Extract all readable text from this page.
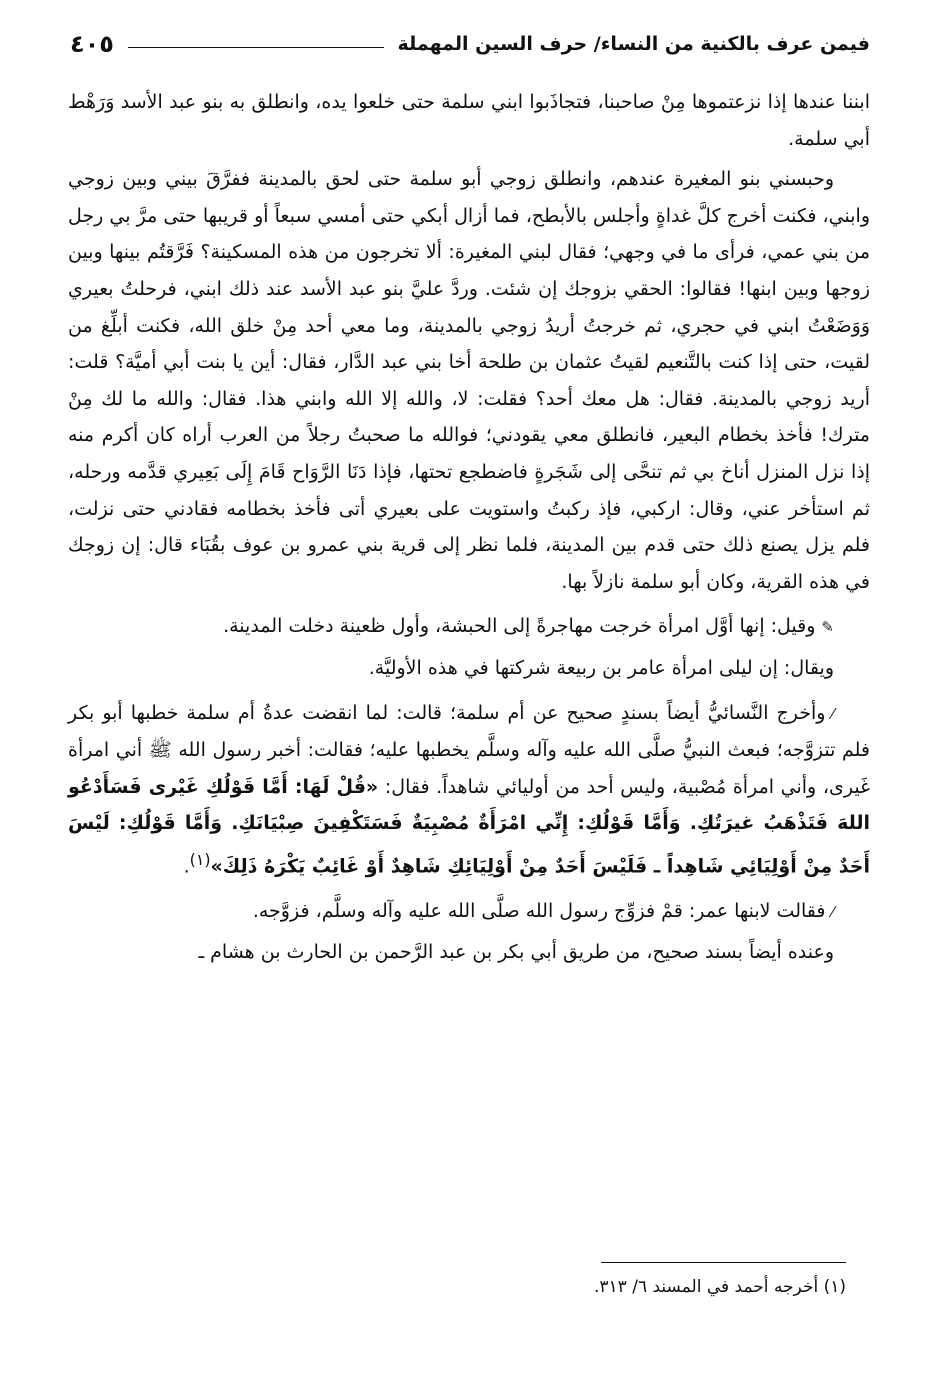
فيمن عرف بالكنية من النساء/ حرف السين المهملة
٤٠٥

ابننا عندها إذا نزعتموها مِنْ صاحبنا، فتجاذَبوا ابني سلمة حتى خلعوا يده، وانطلق به بنو عبد الأسد وَرَهْط أبي سلمة.

وحبسني بنو المغيرة عندهم، وانطلق زوجي أبو سلمة حتى لحق بالمدينة ففرَّقَ بيني وبين زوجي وابني، فكنت أخرج كلَّ غداةٍ وأجلس بالأبطح، فما أزال أبكي حتى أمسي سبعاً أو قريبها حتى مرَّ بي رجل من بني عمي، فرأى ما في وجهي؛ فقال لبني المغيرة: ألا تخرجون من هذه المسكينة؟ فَرَّقتُم بينها وبين زوجها وبين ابنها! فقالوا: الحقي بزوجك إن شئت. وردَّ عليَّ بنو عبد الأسد عند ذلك ابني، فرحلتُ بعيري وَوَضَعْتُ ابني في حجري، ثم خرجتُ أريدُ زوجي بالمدينة، وما معي أحد مِنْ خلق الله، فكنت أبلِّغ من لقيت، حتى إذا كنت بالتَّنعيم لقيتُ عثمان بن طلحة أخا بني عبد الدَّار، فقال: أين يا بنت أبي أميَّة؟ قلت: أريد زوجي بالمدينة. فقال: هل معك أحد؟ فقلت: لا، والله إلا الله وابني هذا. فقال: والله ما لك مِنْ مترك! فأخذ بخطام البعير، فانطلق معي يقودني؛ فوالله ما صحبتُ رجلاً من العرب أراه كان أكرم منه إذا نزل المنزل أناخ بي ثم تنحَّى إلى شَجَرةٍ فاضطجع تحتها، فإذا دَنَا الرَّوَاح قَامَ إِلَى بَعِيري قدَّمه ورحله، ثم استأخر عني، وقال: اركبي، فإذ ركبتُ واستويت على بعيري أتى فأخذ بخطامه فقادني حتى نزلت، فلم يزل يصنع ذلك حتى قدم بين المدينة، فلما نظر إلى قرية بني عمرو بن عوف بقُبَاء قال: إن زوجك في هذه القرية، وكان أبو سلمة نازلاً بها.

✎وقيل: إنها أوَّل امرأة خرجت مهاجرةً إلى الحبشة، وأول ظعينة دخلت المدينة.

ويقال: إن ليلى امرأة عامر بن ربيعة شركتها في هذه الأوليَّة.

⁄وأخرج النَّسائيُّ أيضاً بسندٍ صحيح عن أم سلمة؛ قالت: لما انقضت عدةُ أم سلمة خطبها أبو بكر فلم تتزوَّجه؛ فبعث النبيُّ صلَّى الله عليه وآله وسلَّم يخطبها عليه؛ فقالت: أخبر رسول الله ﷺ أني امرأة غَيرى، وأني امرأة مُصْبية، وليس أحد من أوليائي شاهداً. فقال: «قُلْ لَهَا: أَمَّا قَوْلُكِ غَيْرى فَسَأَدْعُو اللهَ فَتَذْهَبُ غيرَتُكِ. وَأَمَّا قَوْلُكِ: إِنِّي امْرَأَةٌ مُصْبِيَةٌ فَسَتَكْفِينَ صِبْيَانَكِ. وَأَمَّا قَوْلُكِ: لَيْسَ أَحَدٌ مِنْ أَوْلِيَائِي شَاهِداً ـ فَلَيْسَ أَحَدٌ مِنْ أَوْلِيَائِكِ شَاهِدٌ أَوْ غَائِبٌ يَكْرَهُ ذَلِكَ»$^{(١)}$.

⁄فقالت لابنها عمر: قمْ فزوِّج رسول الله صلَّى الله عليه وآله وسلَّم، فزوَّجه.

وعنده أيضاً بسند صحيح، من طريق أبي بكر بن عبد الرَّحمن بن الحارث بن هشام ـ

(١) أخرجه أحمد في المسند ٦/ ٣١٣.
